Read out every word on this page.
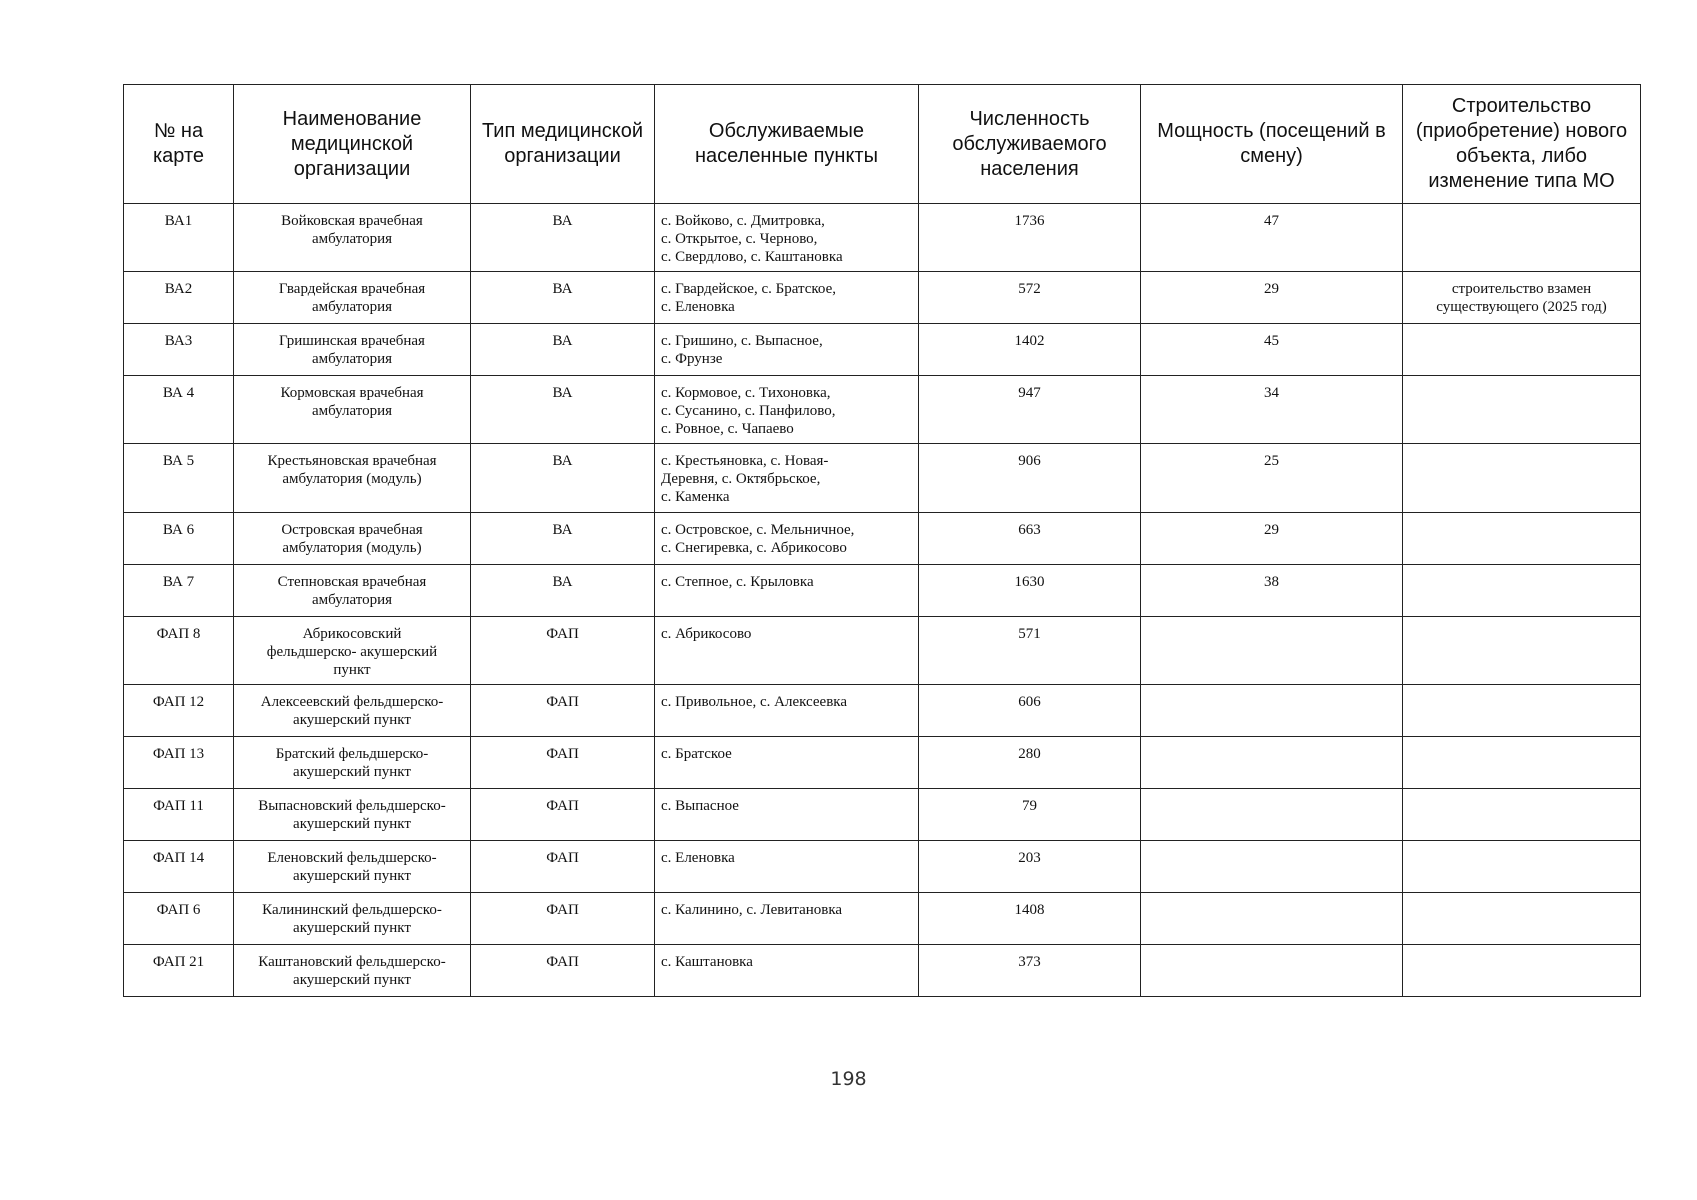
№ на карте	Наименование медицинской организации	Тип медицинской организации	Обслуживаемые населенные пункты	Численность обслуживаемого населения	Мощность (посещений в смену)	Строительство (приобретение) нового объекта, либо изменение типа МО
ВА1	Войковская врачебная
амбулатория	ВА	с. Войково, с. Дмитровка,
с. Открытое, с. Черново,
с. Свердлово, с. Каштановка	1736	47	
ВА2	Гвардейская врачебная
амбулатория	ВА	с. Гвардейское, с. Братское,
с. Еленовка	572	29	строительство взамен
существующего (2025 год)

ВА3	Гришинская врачебная
амбулатория	ВА	с. Гришино, с. Выпасное,
с. Фрунзе	1402	45	
ВА 4	Кормовская врачебная
амбулатория	ВА	с. Кормовое, с. Тихоновка,
с. Сусанино, с. Панфилово,
с. Ровное, с. Чапаево	947	34	
ВА 5	Крестьяновская врачебная
амбулатория (модуль)	ВА	с. Крестьяновка, с. Новая-
Деревня, с. Октябрьское,
с. Каменка	906	25	
ВА 6	Островская врачебная
амбулатория (модуль)	ВА	с. Островское, с. Мельничное,
с. Снегиревка, с. Абрикосово	663	29	
ВА 7	Степновская врачебная
амбулатория	ВА	с. Степное, с. Крыловка	1630	38	
ФАП 8	Абрикосовский
фельдшерско- акушерский
пункт	ФАП	с. Абрикосово	571		
ФАП 12	Алексеевский фельдшерско-
акушерский пункт	ФАП	с. Привольное, с. Алексеевка	606		
ФАП 13	Братский фельдшерско-
акушерский пункт	ФАП	с. Братское	280		
ФАП 11	Выпасновский фельдшерско-
акушерский пункт	ФАП	с. Выпасное	79		
ФАП 14	Еленовский фельдшерско-
акушерский пункт	ФАП	с. Еленовка	203		
ФАП 6	Калининский фельдшерско-
акушерский пункт	ФАП	с. Калинино, с. Левитановка	1408		
ФАП 21	Каштановский фельдшерско-
акушерский пункт	ФАП	с. Каштановка	373		
198
